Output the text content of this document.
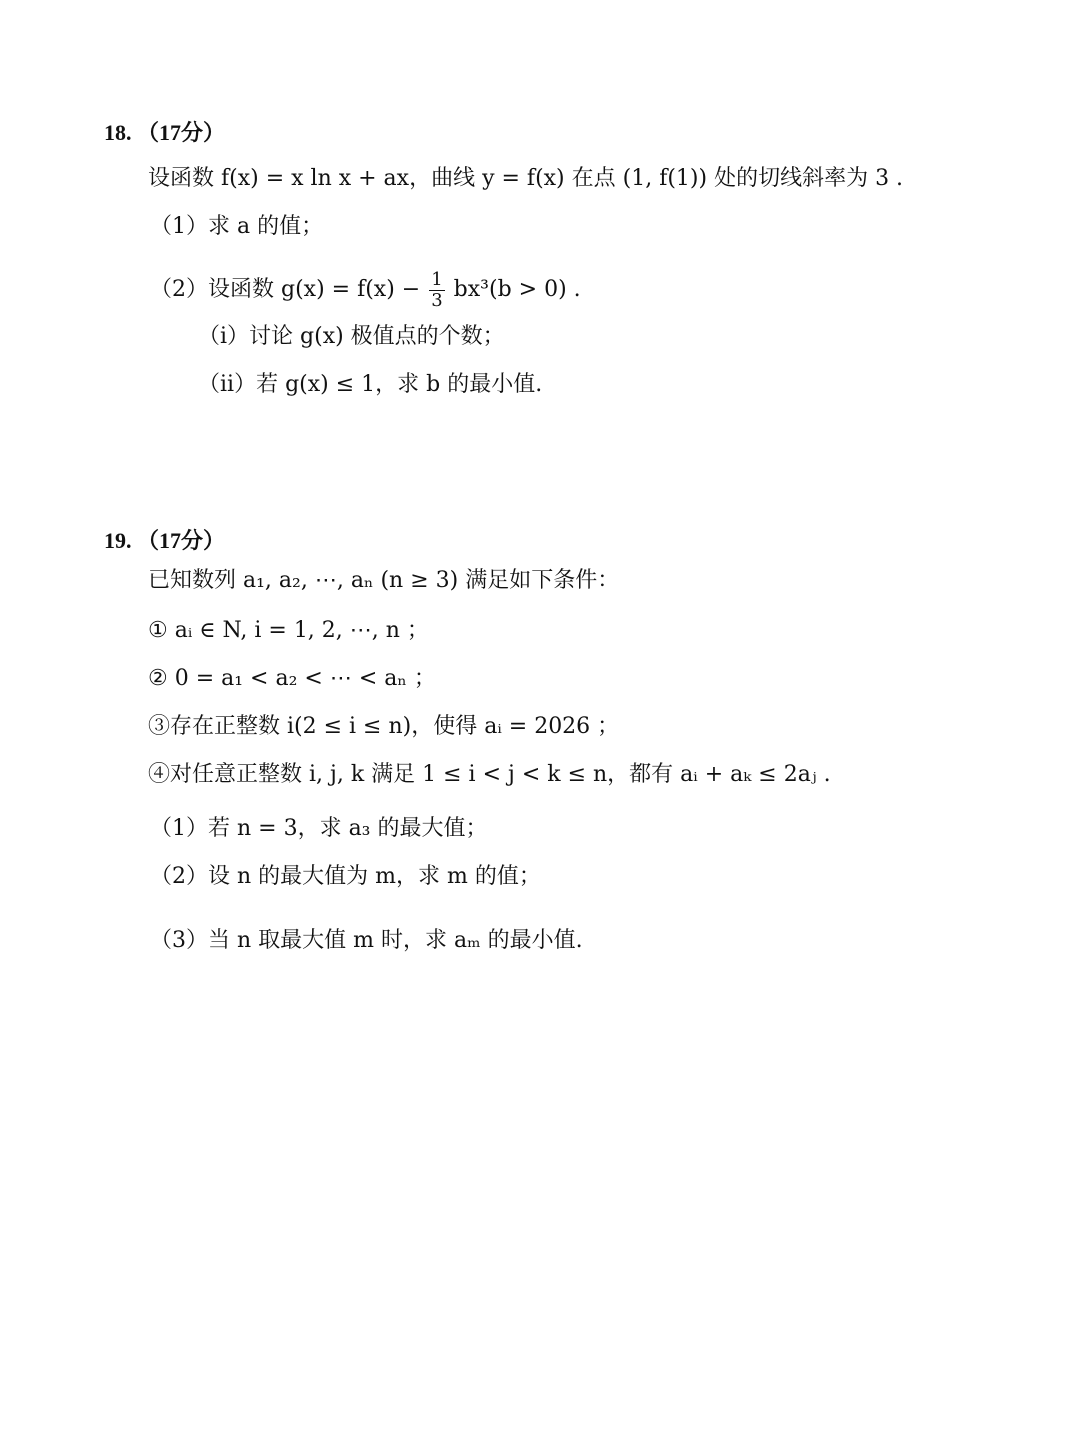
18. （17分）
设函数 f(x) = x ln x + ax，曲线 y = f(x) 在点 (1, f(1)) 处的切线斜率为 3 .
（1）求 a 的值；
（2）设函数 $g(x) = f(x) - \frac{1}{3} bx^3(b > 0)$ .
（i）讨论 g(x) 极值点的个数；
（ii）若 g(x) ≤ 1，求 b 的最小值.
19. （17分）
已知数列 a₁, a₂, ⋯, aₙ (n ≥ 3) 满足如下条件：
① aᵢ ∈ N, i = 1, 2, ⋯, n ；
② 0 = a₁ < a₂ < ⋯ < aₙ ；
③存在正整数 i(2 ≤ i ≤ n)，使得 aᵢ = 2026 ；
④对任意正整数 i, j, k 满足 1 ≤ i < j < k ≤ n，都有 aᵢ + aₖ ≤ 2aⱼ .
（1）若 n = 3，求 a₃ 的最大值；
（2）设 n 的最大值为 m，求 m 的值；
（3）当 n 取最大值 m 时，求 aₘ 的最小值.
